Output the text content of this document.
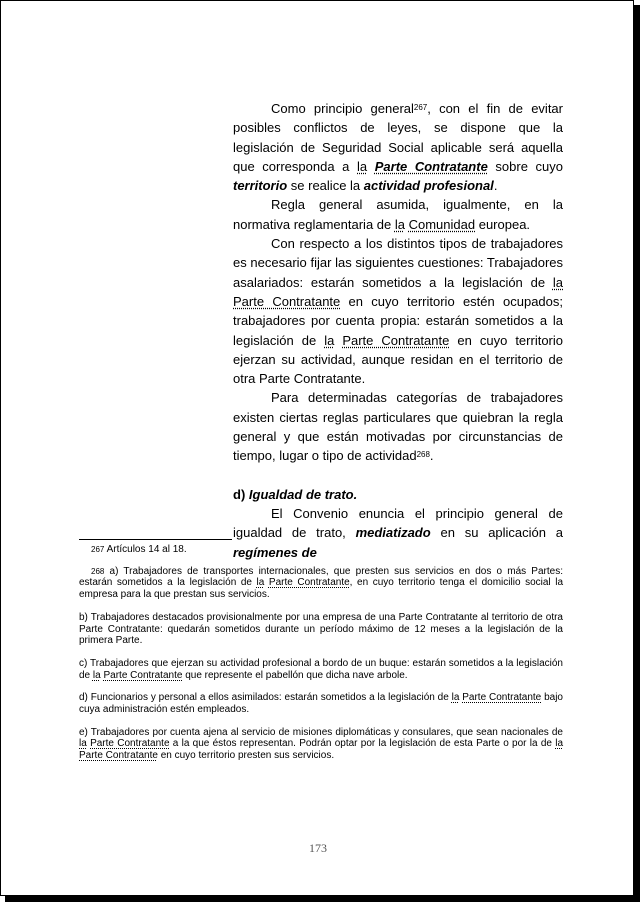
Como principio general$^{267}$, con el fin de evitar posibles conflictos de leyes, se dispone que la legislación de Seguridad Social aplicable será aquella que corresponda a la Parte Contratante sobre cuyo territorio se realice la actividad profesional.

Regla general asumida, igualmente, en la normativa reglamentaria de la Comunidad europea.

Con respecto a los distintos tipos de trabajadores es necesario fijar las siguientes cuestiones: Trabajadores asalariados: estarán sometidos a la legislación de la Parte Contratante en cuyo territorio estén ocupados; trabajadores por cuenta propia: estarán sometidos a la legislación de la Parte Contratante en cuyo territorio ejerzan su actividad, aunque residan en el territorio de otra Parte Contratante.

Para determinadas categorías de trabajadores existen ciertas reglas particulares que quiebran la regla general y que están motivadas por circunstancias de tiempo, lugar o tipo de actividad$^{268}$.

d) Igualdad de trato.

El Convenio enuncia el principio general de igualdad de trato, mediatizado en su aplicación a regímenes de

$^{267}$ Artículos 14 al 18.

$^{268}$ a) Trabajadores de transportes internacionales, que presten sus servicios en dos o más Partes: estarán sometidos a la legislación de la Parte Contratante, en cuyo territorio tenga el domicilio social la empresa para la que prestan sus servicios.

b) Trabajadores destacados provisionalmente por una empresa de una Parte Contratante al territorio de otra Parte Contratante: quedarán sometidos durante un período máximo de 12 meses a la legislación de la primera Parte.

c) Trabajadores que ejerzan su actividad profesional a bordo de un buque: estarán sometidos a la legislación de la Parte Contratante que represente el pabellón que dicha nave arbole.

d) Funcionarios y personal a ellos asimilados: estarán sometidos a la legislación de la Parte Contratante bajo cuya administración estén empleados.

e) Trabajadores por cuenta ajena al servicio de misiones diplomáticas y consulares, que sean nacionales de la Parte Contratante a la que éstos representan. Podrán optar por la legislación de esta Parte o por la de la Parte Contratante en cuyo territorio presten sus servicios.

173
